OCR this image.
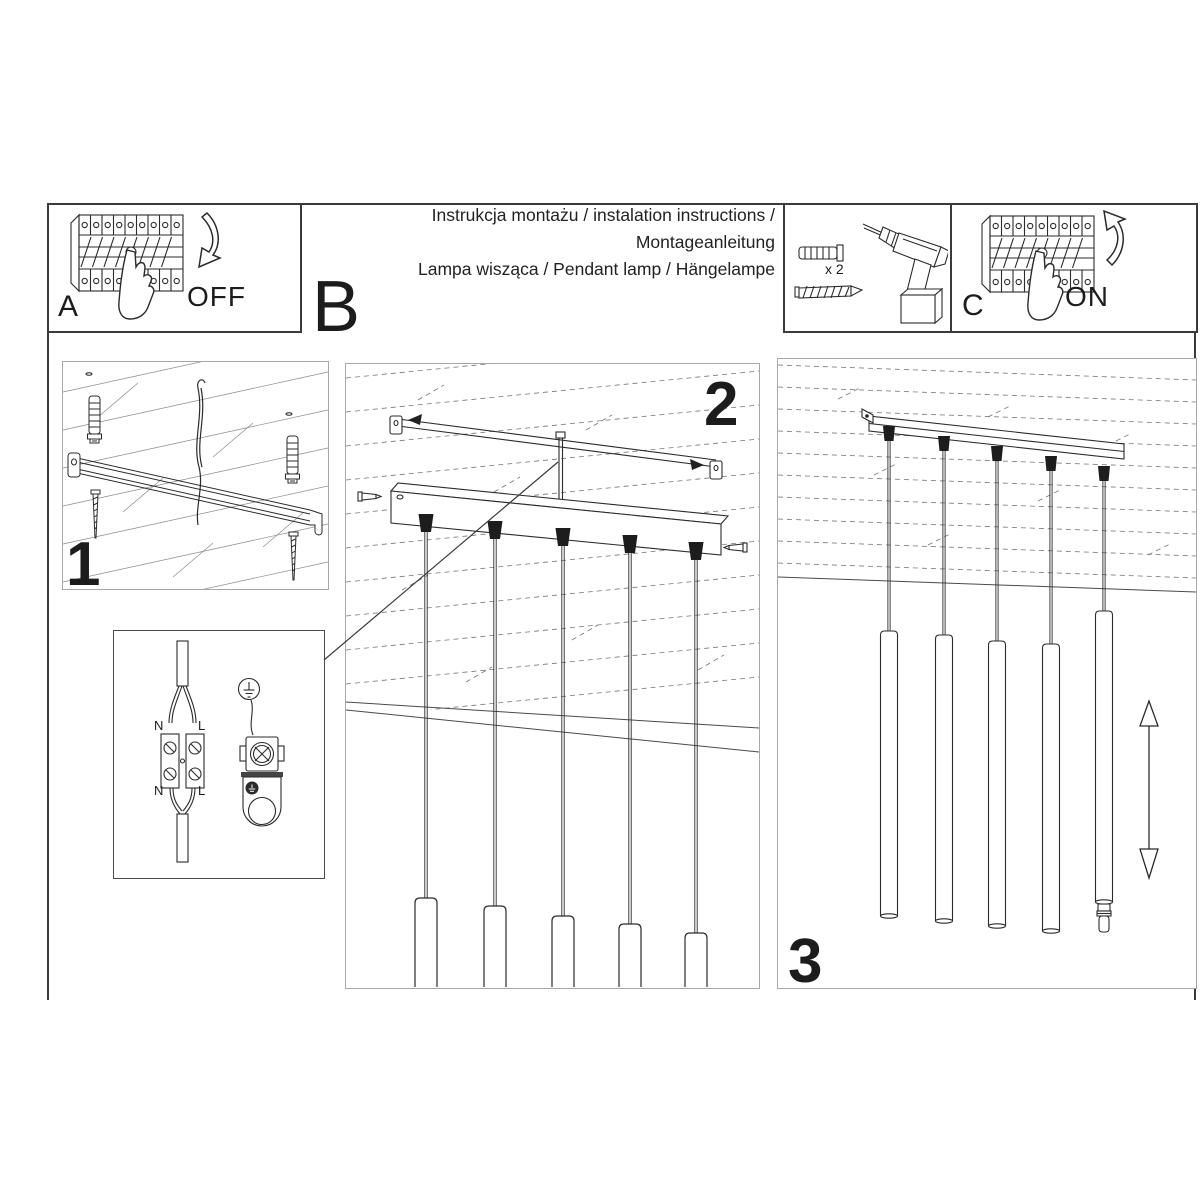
OFF
A
Instrukcja montażu / instalation instructions / Montageanleitung
Lampa wisząca / Pendant lamp / Hängelampe
B	x 2
ON
C
1
2
N	L
N	L
3
